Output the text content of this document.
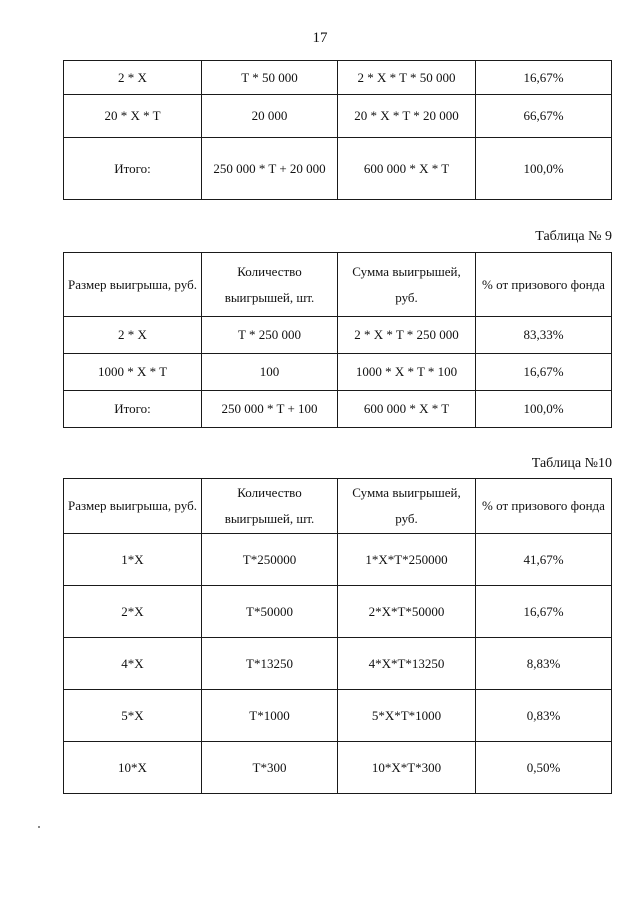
17
2 * X	T * 50 000	2 * X * T * 50 000	16,67%
20 * X * T	20 000	20 * X * T * 20 000	66,67%
Итого:	250 000 * T + 20 000	600 000 * X * T	100,0%
Таблица № 9
Размер выигрыша, руб.	Количество выигрышей, шт.	Сумма выигрышей, руб.	% от призового фонда
2 * X	T * 250 000	2 * X * T * 250 000	83,33%
1000 * X * T	100	1000 * X * T * 100	16,67%
Итого:	250 000 * T + 100	600 000 * X * T	100,0%
Таблица №10
Размер выигрыша, руб.	Количество выигрышей, шт.	Сумма выигрышей, руб.	% от призового фонда
1*X	T*250000	1*X*T*250000	41,67%
2*X	T*50000	2*X*T*50000	16,67%
4*X	T*13250	4*X*T*13250	8,83%
5*X	T*1000	5*X*T*1000	0,83%
10*X	T*300	10*X*T*300	0,50%
